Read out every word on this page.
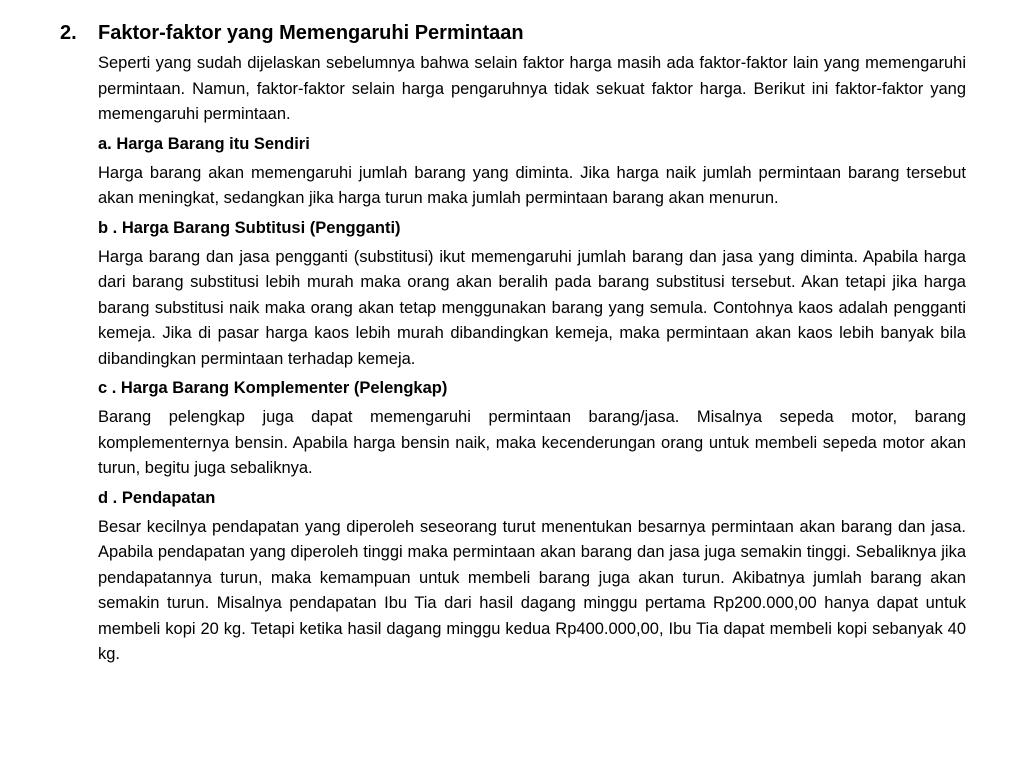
2.	Faktor-faktor yang Memengaruhi Permintaan

Seperti yang sudah dijelaskan sebelumnya bahwa selain faktor harga masih ada faktor-faktor lain yang memengaruhi permintaan. Namun, faktor-faktor selain harga pengaruhnya tidak sekuat faktor harga. Berikut ini faktor-faktor yang memengaruhi permintaan.

a. Harga Barang itu Sendiri

Harga barang akan memengaruhi jumlah barang yang diminta. Jika harga naik jumlah permintaan barang tersebut akan meningkat, sedangkan jika harga turun maka jumlah permintaan barang akan menurun.

b . Harga Barang Subtitusi (Pengganti)

Harga barang dan jasa pengganti (substitusi) ikut memengaruhi jumlah barang dan jasa yang diminta. Apabila harga dari barang substitusi lebih murah maka orang akan beralih pada barang substitusi tersebut. Akan tetapi jika harga barang substitusi naik maka orang akan tetap menggunakan barang yang semula. Contohnya kaos adalah pengganti kemeja. Jika di pasar harga kaos lebih murah dibandingkan kemeja, maka permintaan akan kaos lebih banyak bila dibandingkan permintaan terhadap kemeja.

c . Harga Barang Komplementer (Pelengkap)

Barang pelengkap juga dapat memengaruhi permintaan barang/jasa. Misalnya sepeda motor, barang komplementernya bensin. Apabila harga bensin naik, maka kecenderungan orang untuk membeli sepeda motor akan turun, begitu juga sebaliknya.

d . Pendapatan

Besar kecilnya pendapatan yang diperoleh seseorang turut menentukan besarnya permintaan akan barang dan jasa. Apabila pendapatan yang diperoleh tinggi maka permintaan akan barang dan jasa juga semakin tinggi. Sebaliknya jika pendapatannya turun, maka kemampuan untuk membeli barang juga akan turun. Akibatnya jumlah barang akan semakin turun. Misalnya pendapatan Ibu Tia dari hasil dagang minggu pertama Rp200.000,00 hanya dapat untuk membeli kopi 20 kg. Tetapi ketika hasil dagang minggu kedua Rp400.000,00, Ibu Tia dapat membeli kopi sebanyak 40 kg.
